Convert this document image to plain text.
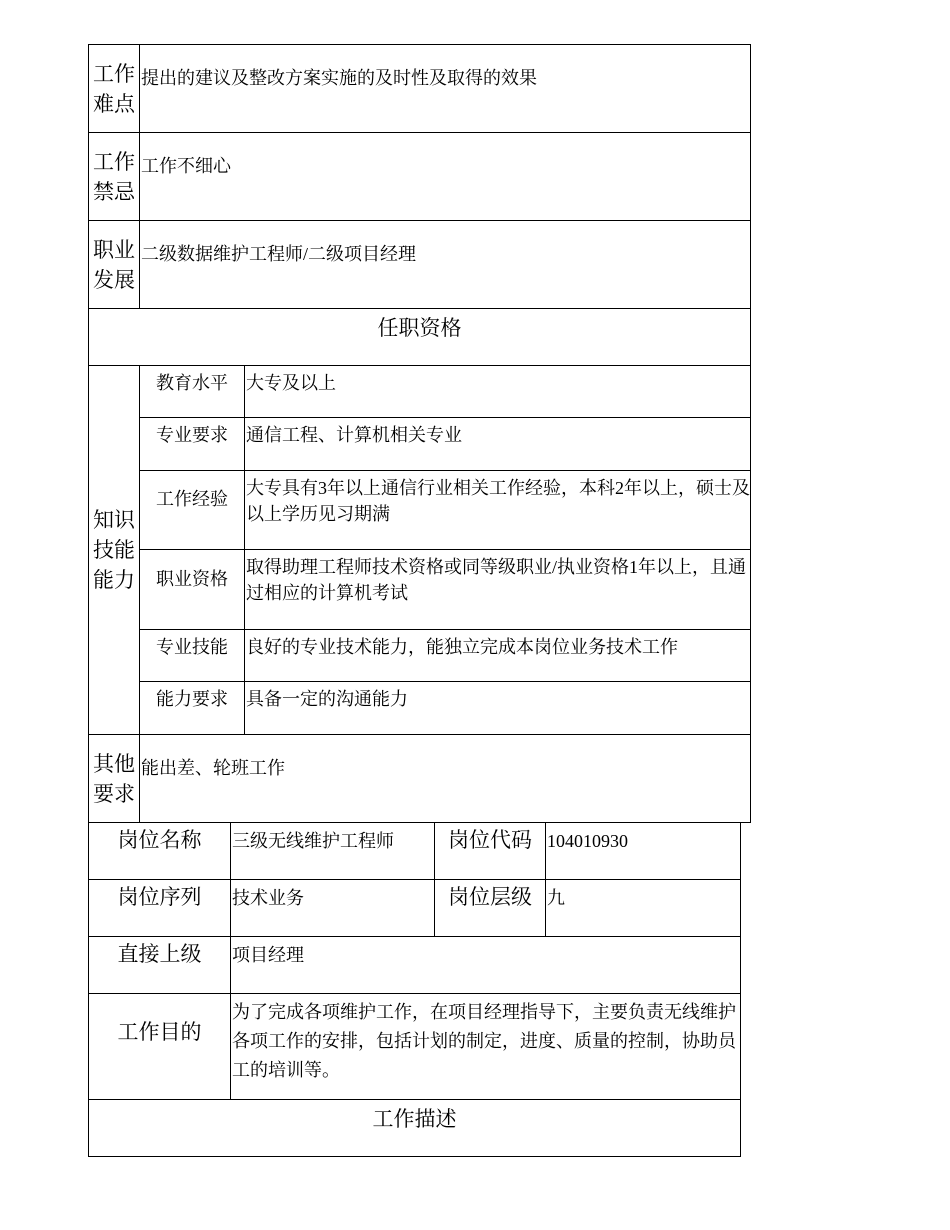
工作难点	提出的建议及整改方案实施的及时性及取得的效果	
工作禁忌	工作不细心	
职业发展	二级数据维护工程师/二级项目经理	
任职资格		
知识技能能力	教育水平	大专及以上
	专业要求	通信工程、计算机相关专业
	工作经验	大专具有3年以上通信行业相关工作经验，本科2年以上，硕士及以上学历见习期满
	职业资格	取得助理工程师技术资格或同等级职业/执业资格1年以上，且通过相应的计算机考试
	专业技能	良好的专业技术能力，能独立完成本岗位业务技术工作
	能力要求	具备一定的沟通能力
其他要求	能出差、轮班工作	
岗位名称	三级无线维护工程师	岗位代码	104010930
岗位序列	技术业务	岗位层级	九
直接上级	项目经理		
工作目的	为了完成各项维护工作，在项目经理指导下，主要负责无线维护各项工作的安排，包括计划的制定，进度、质量的控制，协助员工的培训等。		
工作描述			
